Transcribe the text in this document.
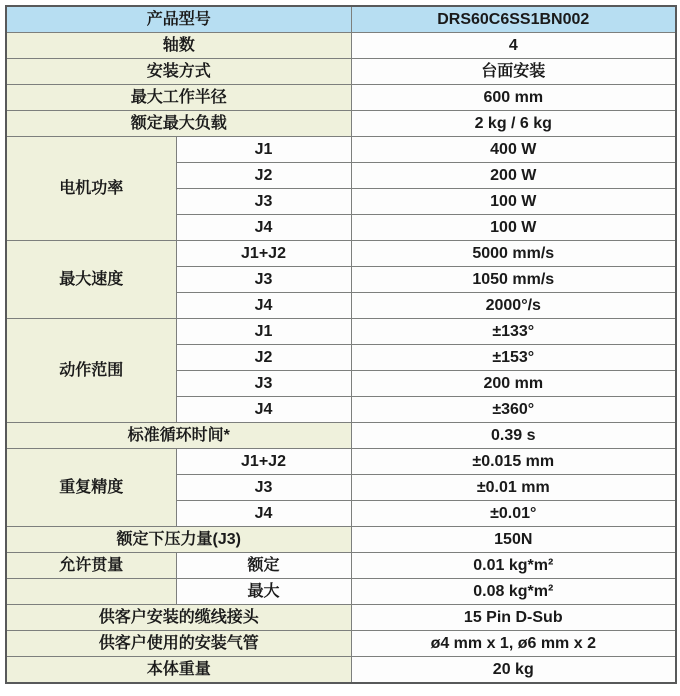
产品型号		DRS60C6SS1BN002
轴数		4
安装方式		台面安装
最大工作半径		600 mm
额定最大负载		2 kg / 6 kg
电机功率	J1	400 W
	J2	200 W
	J3	100 W
	J4	100 W
最大速度	J1+J2	5000 mm/s
	J3	1050 mm/s
	J4	2000°/s
动作范围	J1	±133°
	J2	±153°
	J3	200 mm
	J4	±360°
标准循环时间*		0.39 s
重复精度	J1+J2	±0.015 mm
	J3	±0.01 mm
	J4	±0.01°
额定下压力量(J3)		150N
允许贯量	额定	0.01 kg*m²
	最大	0.08 kg*m²
供客户安装的缆线接头		15 Pin D-Sub
供客户使用的安装气管		ø4 mm x 1, ø6 mm x 2
本体重量		20 kg
